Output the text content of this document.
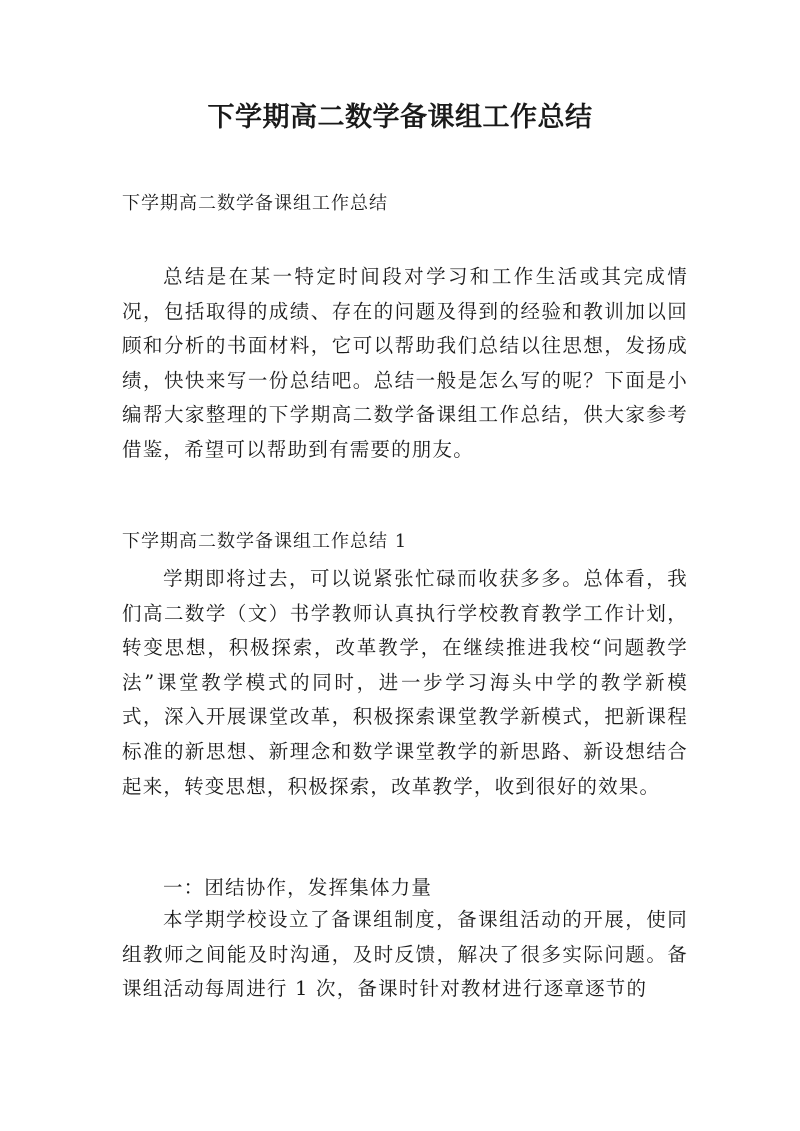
下学期高二数学备课组工作总结
下学期高二数学备课组工作总结

总结是在某一特定时间段对学习和工作生活或其完成情况，包括取得的成绩、存在的问题及得到的经验和教训加以回顾和分析的书面材料，它可以帮助我们总结以往思想，发扬成绩，快快来写一份总结吧。总结一般是怎么写的呢？下面是小编帮大家整理的下学期高二数学备课组工作总结，供大家参考借鉴，希望可以帮助到有需要的朋友。

下学期高二数学备课组工作总结 1

学期即将过去，可以说紧张忙碌而收获多多。总体看，我们高二数学（文）书学教师认真执行学校教育教学工作计划，转变思想，积极探索，改革教学，在继续推进我校“问题教学法”课堂教学模式的同时，进一步学习海头中学的教学新模式，深入开展课堂改革，积极探索课堂教学新模式，把新课程标准的新思想、新理念和数学课堂教学的新思路、新设想结合起来，转变思想，积极探索，改革教学，收到很好的效果。

一：团结协作，发挥集体力量

本学期学校设立了备课组制度，备课组活动的开展，使同组教师之间能及时沟通，及时反馈，解决了很多实际问题。备课组活动每周进行 1 次，备课时针对教材进行逐章逐节的
